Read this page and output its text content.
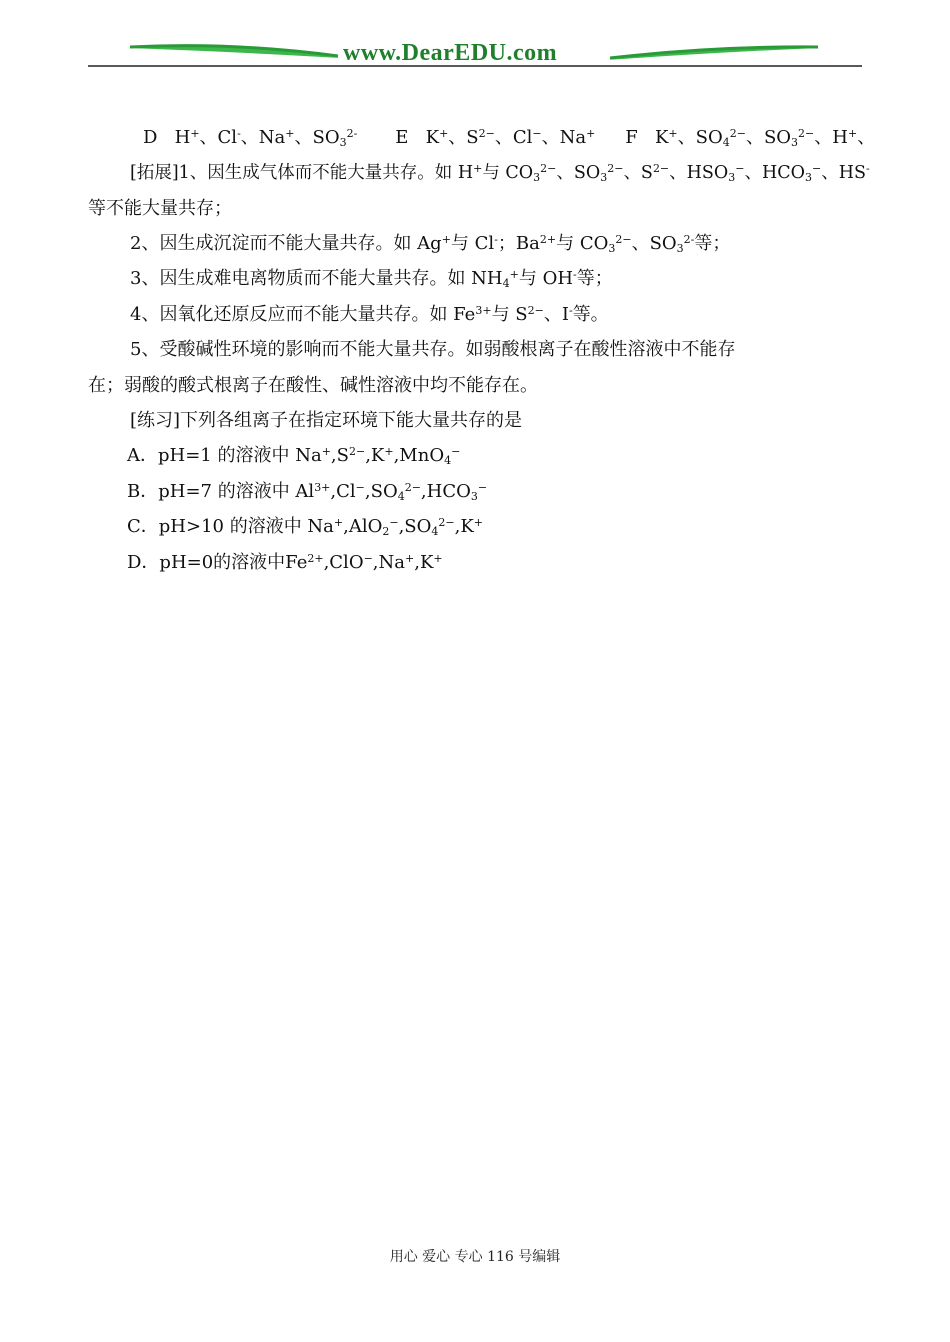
www.DearEDU.com
D H+、Cl-、Na+、$SO_3^{2-}$ E K+、$S^{2-}$、Cl−、Na+ F K+、$SO_4^{2-}$、$SO_3^{2-}$、H+、
[拓展]1、因生成气体而不能大量共存。如 H+与 $CO_3^{2-}$、$SO_3^{2-}$、$S^{2-}$、$HSO_3^-$、$HCO_3^-$、HS-
等不能大量共存；
2、因生成沉淀而不能大量共存。如 Ag+与 Cl-；$Ba^{2+}$与 $CO_3^{2-}$、$SO_3^{2-}$等；
3、因生成难电离物质而不能大量共存。如 $NH_4^+$与 OH-等；
4、因氧化还原反应而不能大量共存。如 $Fe^{3+}$与 $S^{2-}$、I-等。
5、受酸碱性环境的影响而不能大量共存。如弱酸根离子在酸性溶液中不能存
在；弱酸的酸式根离子在酸性、碱性溶液中均不能存在。
[练习]下列各组离子在指定环境下能大量共存的是
A．pH=1 的溶液中 $Na^+,S^{2-},K^+,MnO_4^-$
B．pH=7 的溶液中 $Al^{3+},Cl^-,SO_4^{2-},HCO_3^-$
C．pH>10 的溶液中 $Na^+,AlO_2^-,SO_4^{2-},K^+$
D．pH=0的溶液中$Fe^{2+},ClO^-,Na^+,K^+$
用心 爱心 专心 116 号编辑
